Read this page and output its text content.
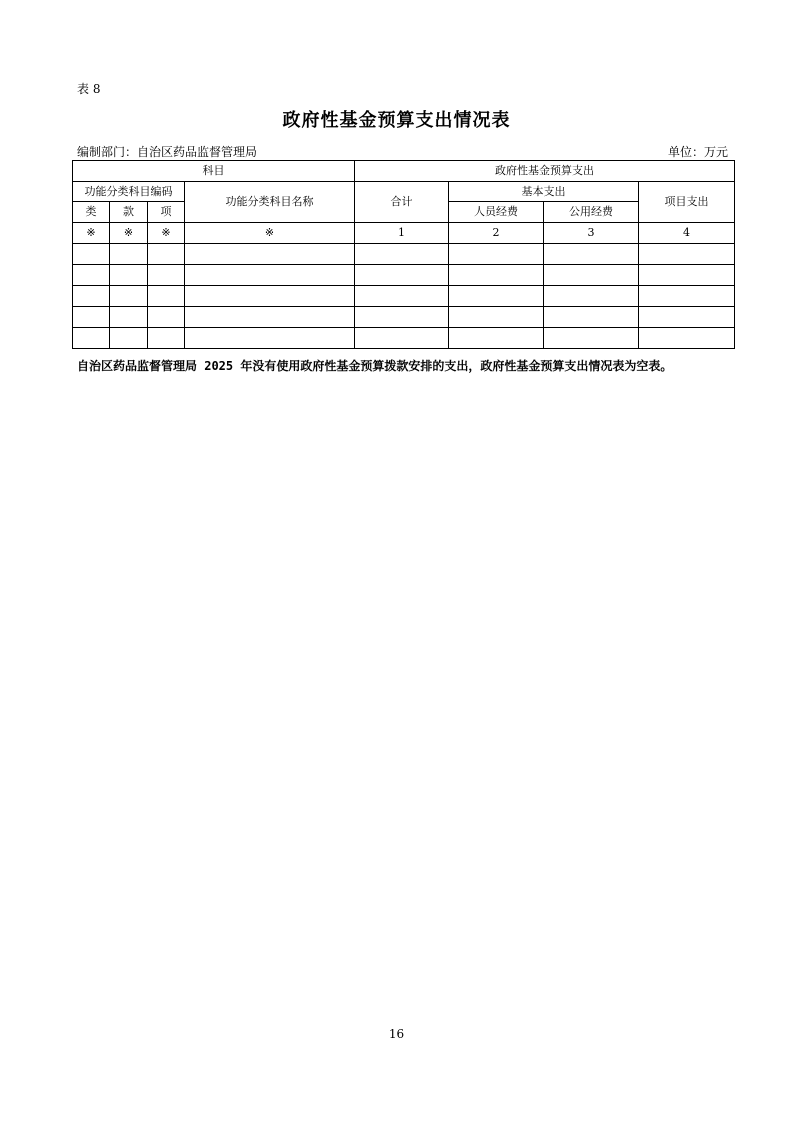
表 8
政府性基金预算支出情况表
编制部门：自治区药品监督管理局	单位：万元
科目				政府性基金预算支出			
功能分类科目编码			功能分类科目名称	合计	基本支出		项目支出
类	款	项			人员经费	公用经费	
※	※	※	※	1	2	3	4

自治区药品监督管理局 2025 年没有使用政府性基金预算拨款安排的支出，政府性基金预算支出情况表为空表。
16
